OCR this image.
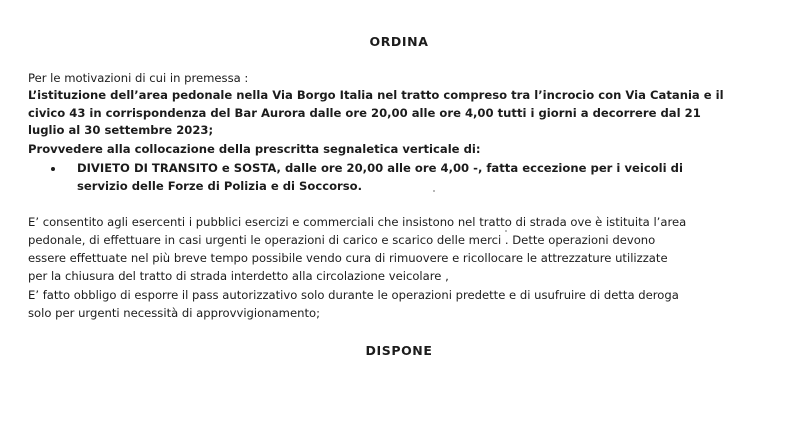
ORDINA
Per le motivazioni di cui in premessa :
L’istituzione dell’area pedonale nella Via Borgo Italia nel tratto compreso tra l’incrocio con Via Catania e il
civico 43 in corrispondenza del Bar Aurora dalle ore 20,00 alle ore 4,00 tutti i giorni a decorrere dal 21
luglio al 30 settembre 2023;
Provvedere alla collocazione della prescritta segnaletica verticale di:
DIVIETO DI TRANSITO e SOSTA, dalle ore 20,00 alle ore 4,00 -, fatta eccezione per i veicoli di
servizio delle Forze di Polizia e di Soccorso.
E’ consentito agli esercenti i pubblici esercizi e commerciali che insistono nel tratto di strada ove è istituita l’area
pedonale, di effettuare in casi urgenti le operazioni di carico e scarico delle merci . Dette operazioni devono
essere effettuate nel più breve tempo possibile vendo cura di rimuovere e ricollocare le attrezzature utilizzate
per la chiusura del tratto di strada interdetto alla circolazione veicolare ,
E’ fatto obbligo di esporre il pass autorizzativo solo durante le operazioni predette e di usufruire di detta deroga
solo per urgenti necessità di approvvigionamento;
DISPONE
